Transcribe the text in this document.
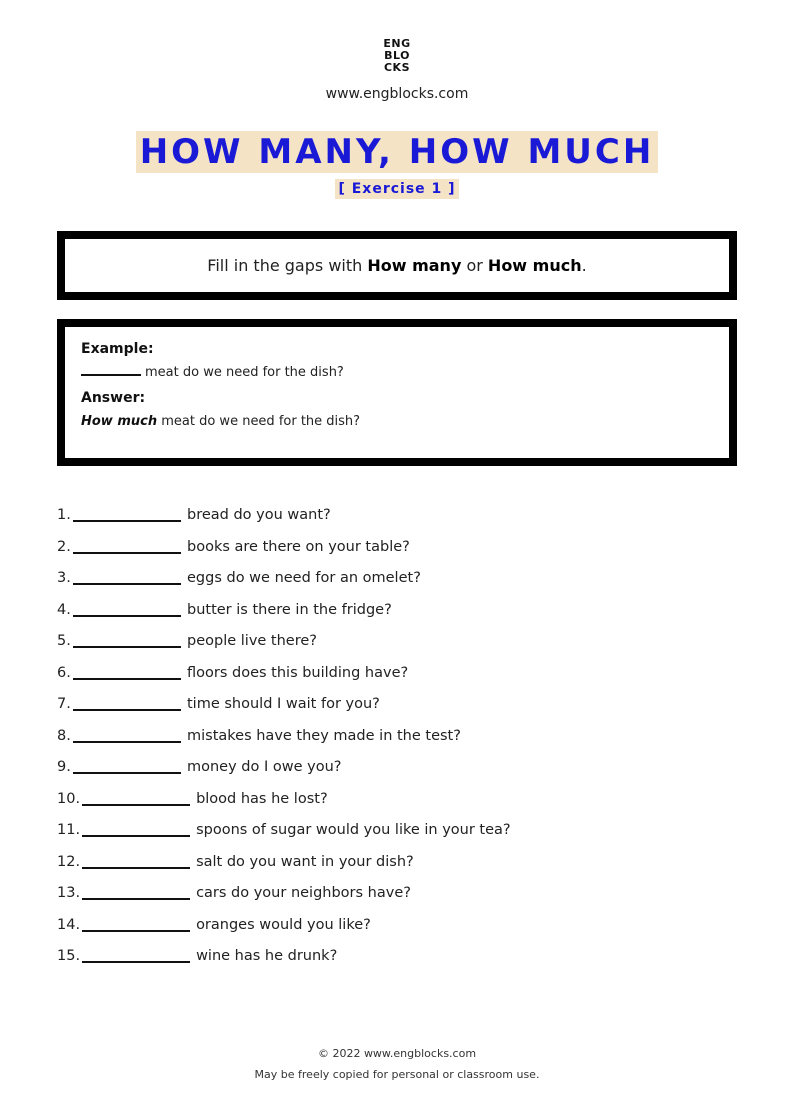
ENG
BLO
CKS
www.engblocks.com
HOW MANY, HOW MUCH
[ Exercise 1 ]
Fill in the gaps with How many or How much.
Example:
meat do we need for the dish?
Answer:
How much meat do we need for the dish?
1.	bread do you want?
2.	books are there on your table?
3.	eggs do we need for an omelet?
4.	butter is there in the fridge?
5.	people live there?
6.	floors does this building have?
7.	time should I wait for you?
8.	mistakes have they made in the test?
9.	money do I owe you?
10.	blood has he lost?
11.	spoons of sugar would you like in your tea?
12.	salt do you want in your dish?
13.	cars do your neighbors have?
14.	oranges would you like?
15.	wine has he drunk?
© 2022 www.engblocks.com
May be freely copied for personal or classroom use.
